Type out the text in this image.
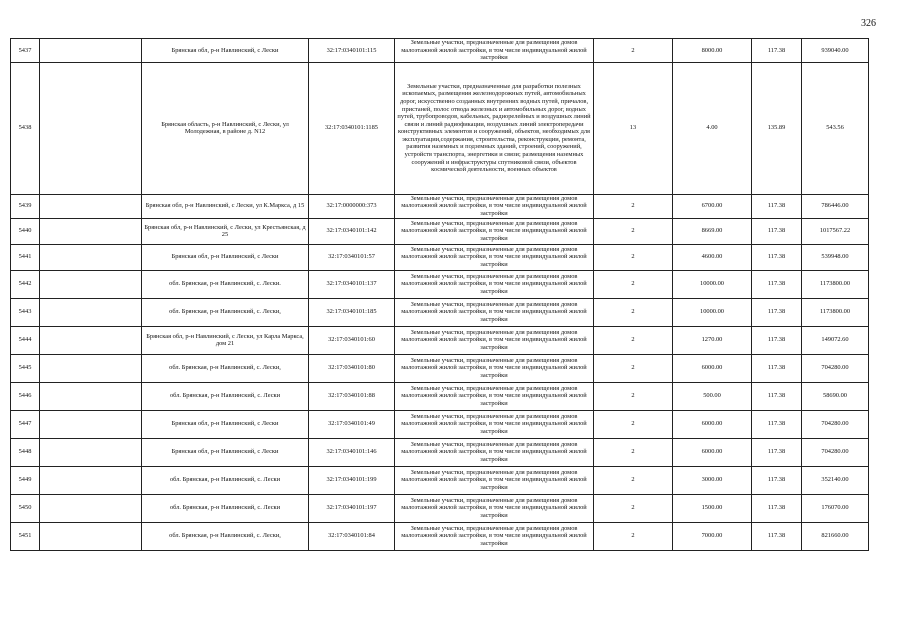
326
5437		Брянская обл, р-н Навлинский, с Лески	32:17:0340101:115	Земельные участки, предназначенные для размещения домов малоэтажной жилой застройки, в том числе индивидуальной жилой застройки	2	8000.00	117.38	939040.00
5438		Брянская область, р-н Навлинский, с Лески, ул Молодежная, в районе д. N12	32:17:0340101:1185	Земельные участки, предназначенные для разработки полезных ископаемых, размещения железнодорожных путей, автомобильных дорог, искусственно созданных внутренних водных путей, причалов, пристаней, полос отвода железных и автомобильных дорог, водных путей, трубопроводов, кабельных, радиорелейных и воздушных линий связи и линий радиофикации, воздушных линий электропередачи конструктивных элементов и сооружений, объектов, необходимых для эксплуатации,содержания, строительства, реконструкции, ремонта, развития наземных и подземных зданий, строений, сооружений, устройств транспорта, энергетики и связи; размещения наземных сооружений и инфраструктуры спутниковой связи, объектов космической деятельности, военных объектов	13	4.00	135.89	543.56
5439		Брянская обл, р-н Навлинский, с Лески, ул К.Маркса, д 15	32:17:0000000:373	Земельные участки, предназначенные для размещения домов малоэтажной жилой застройки, в том числе индивидуальной жилой застройки	2	6700.00	117.38	786446.00
5440		Брянская обл, р-н Навлинский, с Лески, ул Крестьянская, д 25	32:17:0340101:142	Земельные участки, предназначенные для размещения домов малоэтажной жилой застройки, в том числе индивидуальной жилой застройки	2	8669.00	117.38	1017567.22
5441		Брянская обл, р-н Навлинский, с Лески	32:17:0340101:57	Земельные участки, предназначенные для размещения домов малоэтажной жилой застройки, в том числе индивидуальной жилой застройки	2	4600.00	117.38	539948.00
5442		обл. Брянская, р-н Навлинский, с. Лески.	32:17:0340101:137	Земельные участки, предназначенные для размещения домов малоэтажной жилой застройки, в том числе индивидуальной жилой застройки	2	10000.00	117.38	1173800.00
5443		обл. Брянская, р-н Навлинский, с. Лески,	32:17:0340101:185	Земельные участки, предназначенные для размещения домов малоэтажной жилой застройки, в том числе индивидуальной жилой застройки	2	10000.00	117.38	1173800.00
5444		Брянская обл, р-н Навлинский, с Лески, ул Карла Маркса, дом 21	32:17:0340101:60	Земельные участки, предназначенные для размещения домов малоэтажной жилой застройки, в том числе индивидуальной жилой застройки	2	1270.00	117.38	149072.60
5445		обл. Брянская, р-н Навлинский, с. Лески,	32:17:0340101:80	Земельные участки, предназначенные для размещения домов малоэтажной жилой застройки, в том числе индивидуальной жилой застройки	2	6000.00	117.38	704280.00
5446		обл. Брянская, р-н Навлинский, с. Лески	32:17:0340101:88	Земельные участки, предназначенные для размещения домов малоэтажной жилой застройки, в том числе индивидуальной жилой застройки	2	500.00	117.38	58690.00
5447		Брянская обл, р-н Навлинский, с Лески	32:17:0340101:49	Земельные участки, предназначенные для размещения домов малоэтажной жилой застройки, в том числе индивидуальной жилой застройки	2	6000.00	117.38	704280.00
5448		Брянская обл, р-н Навлинский, с Лески	32:17:0340101:146	Земельные участки, предназначенные для размещения домов малоэтажной жилой застройки, в том числе индивидуальной жилой застройки	2	6000.00	117.38	704280.00
5449		обл. Брянская, р-н Навлинский, с. Лески	32:17:0340101:199	Земельные участки, предназначенные для размещения домов малоэтажной жилой застройки, в том числе индивидуальной жилой застройки	2	3000.00	117.38	352140.00
5450		обл. Брянская, р-н Навлинский, с. Лески	32:17:0340101:197	Земельные участки, предназначенные для размещения домов малоэтажной жилой застройки, в том числе индивидуальной жилой застройки	2	1500.00	117.38	176070.00
5451		обл. Брянская, р-н Навлинский, с. Лески,	32:17:0340101:84	Земельные участки, предназначенные для размещения домов малоэтажной жилой застройки, в том числе индивидуальной жилой застройки	2	7000.00	117.38	821660.00
